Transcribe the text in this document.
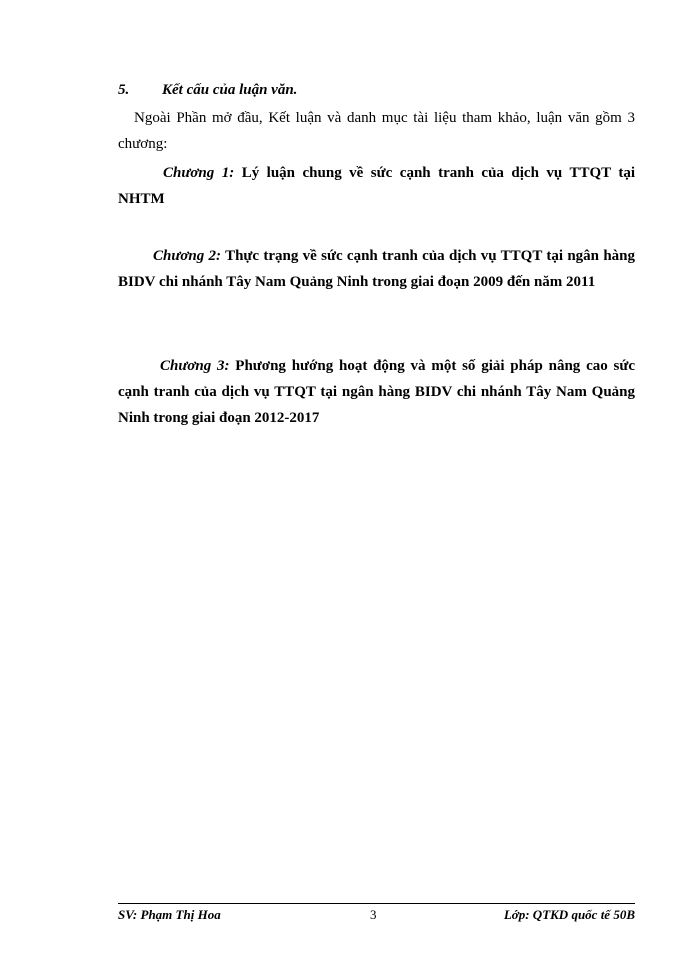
5. Kết cấu của luận văn.
Ngoài Phần mở đầu, Kết luận và danh mục tài liệu tham khảo, luận văn gồm 3 chương:
Chương 1: Lý luận chung về sức cạnh tranh của dịch vụ TTQT tại NHTM
Chương 2: Thực trạng về sức cạnh tranh của dịch vụ TTQT tại ngân hàng BIDV chi nhánh Tây Nam Quảng Ninh trong giai đoạn 2009 đến năm 2011
Chương 3: Phương hướng hoạt động và một số giải pháp nâng cao sức cạnh tranh của dịch vụ TTQT tại ngân hàng BIDV chi nhánh Tây Nam Quảng Ninh trong giai đoạn 2012-2017
SV: Phạm Thị Hoa	3	Lớp: QTKD quốc tế 50B
